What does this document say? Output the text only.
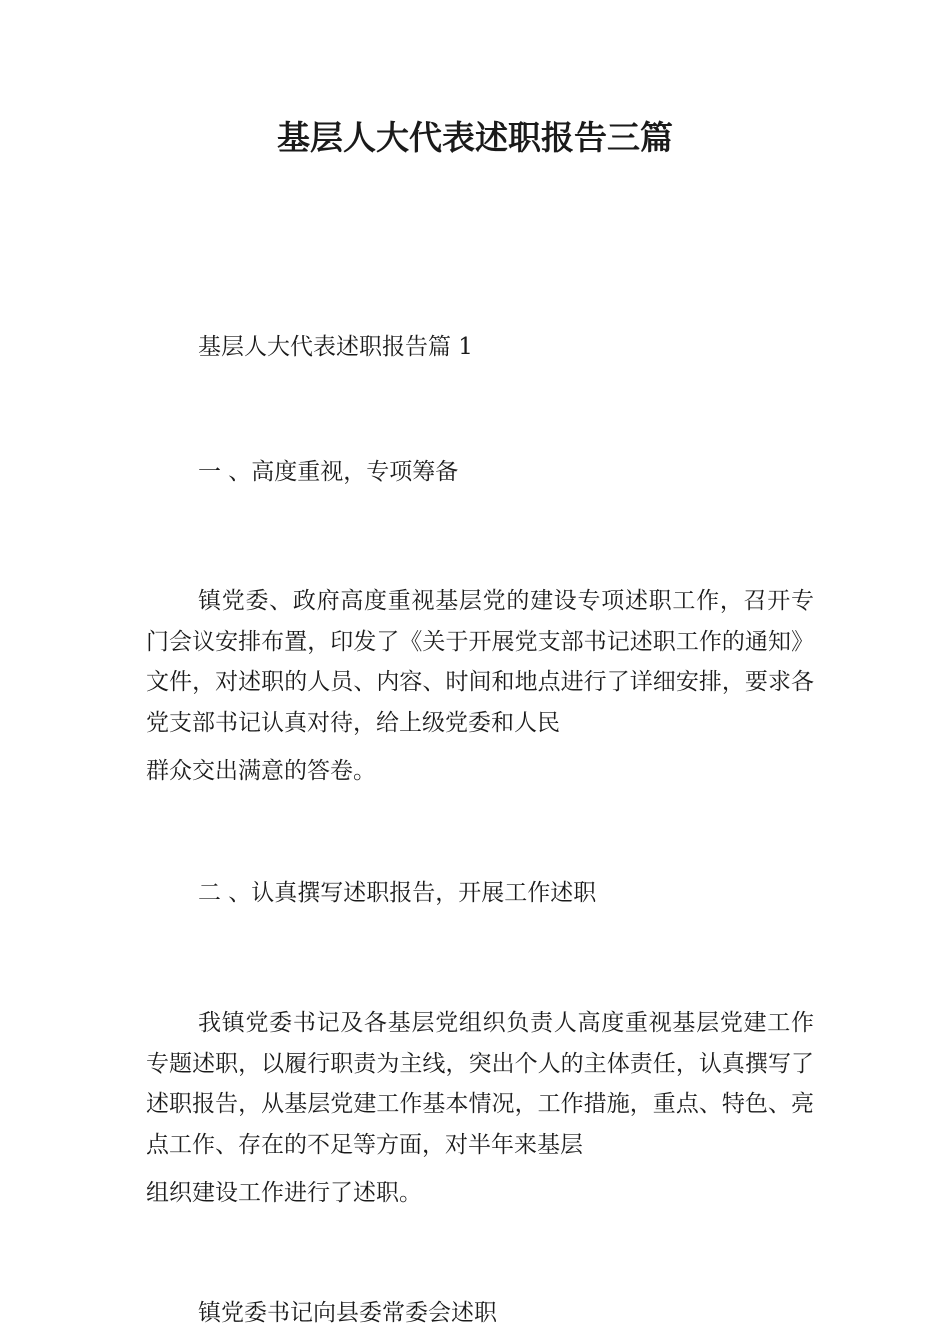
基层人大代表述职报告三篇

基层人大代表述职报告篇 1

一 、高度重视，专项筹备

镇党委、政府高度重视基层党的建设专项述职工作，召开专门会议安排布置，印发了《关于开展党支部书记述职工作的通知》文件，对述职的人员、内容、时间和地点进行了详细安排，要求各党支部书记认真对待，给上级党委和人民
群众交出满意的答卷。

二 、认真撰写述职报告，开展工作述职

我镇党委书记及各基层党组织负责人高度重视基层党建工作专题述职，以履行职责为主线，突出个人的主体责任，认真撰写了述职报告，从基层党建工作基本情况，工作措施，重点、特色、亮点工作、存在的不足等方面，对半年来基层
组织建设工作进行了述职。

镇党委书记向县委常委会述职
